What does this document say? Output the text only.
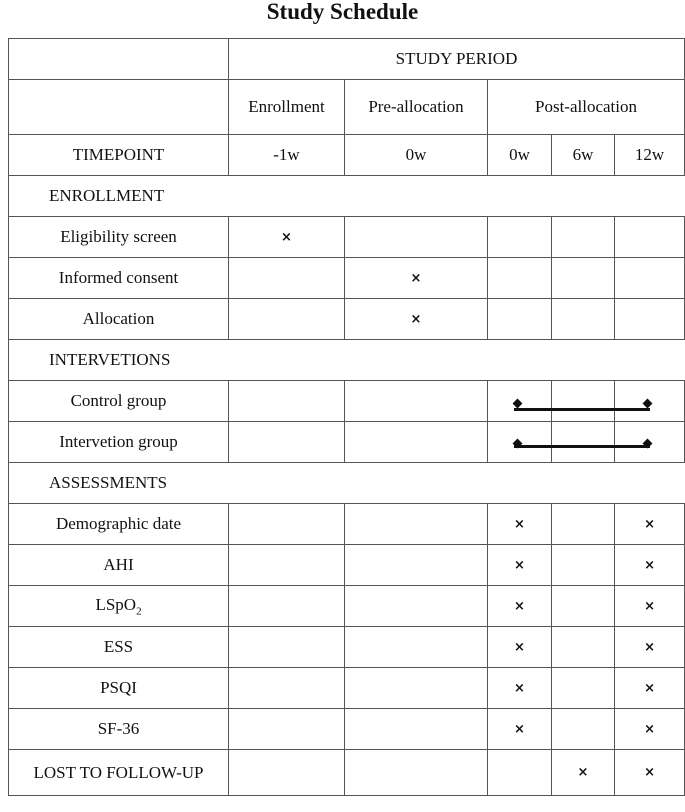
Study Schedule
	STUDY PERIOD				
	Enrollment	Pre-allocation	Post-allocation		
TIMEPOINT	-1w	0w	0w	6w	12w
ENROLLMENT					
Eligibility screen	×				
Informed consent		×			
Allocation		×			
INTERVETIONS					
Control group					
Intervetion group					
ASSESSMENTS					
Demographic date			×		×
AHI			×		×
LSpO$_2$			×		×
ESS			×		×
PSQI			×		×
SF-36			×		×
LOST TO FOLLOW-UP				×	×
